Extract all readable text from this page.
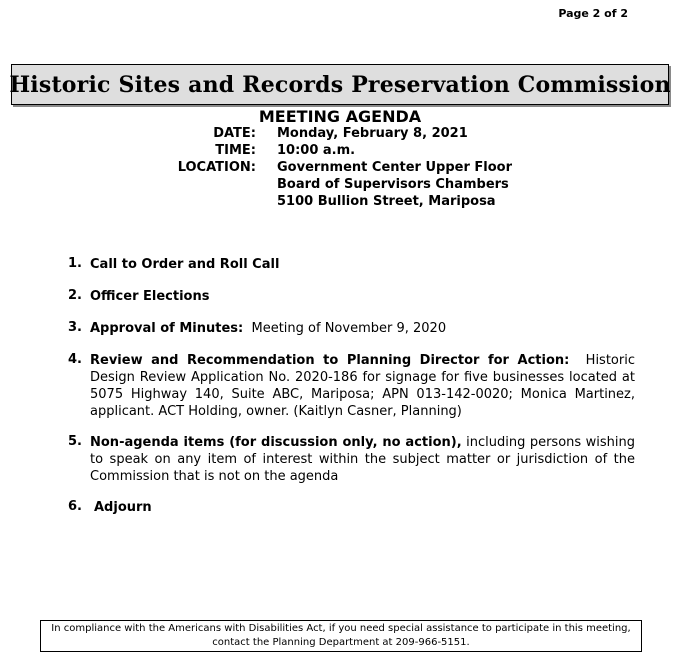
Page 2 of 2
Historic Sites and Records Preservation Commission
MEETING AGENDA
DATE: Monday, February 8, 2021
TIME: 10:00 a.m.
LOCATION: Government Center Upper Floor
Board of Supervisors Chambers
5100 Bullion Street, Mariposa
1. Call to Order and Roll Call
2. Officer Elections
3. Approval of Minutes: Meeting of November 9, 2020
4. Review and Recommendation to Planning Director for Action: Historic Design Review Application No. 2020-186 for signage for five businesses located at 5075 Highway 140, Suite ABC, Mariposa; APN 013-142-0020; Monica Martinez, applicant. ACT Holding, owner. (Kaitlyn Casner, Planning)
5. Non-agenda items (for discussion only, no action), including persons wishing to speak on any item of interest within the subject matter or jurisdiction of the Commission that is not on the agenda
6. Adjourn
In compliance with the Americans with Disabilities Act, if you need special assistance to participate in this meeting,
contact the Planning Department at 209-966-5151.
